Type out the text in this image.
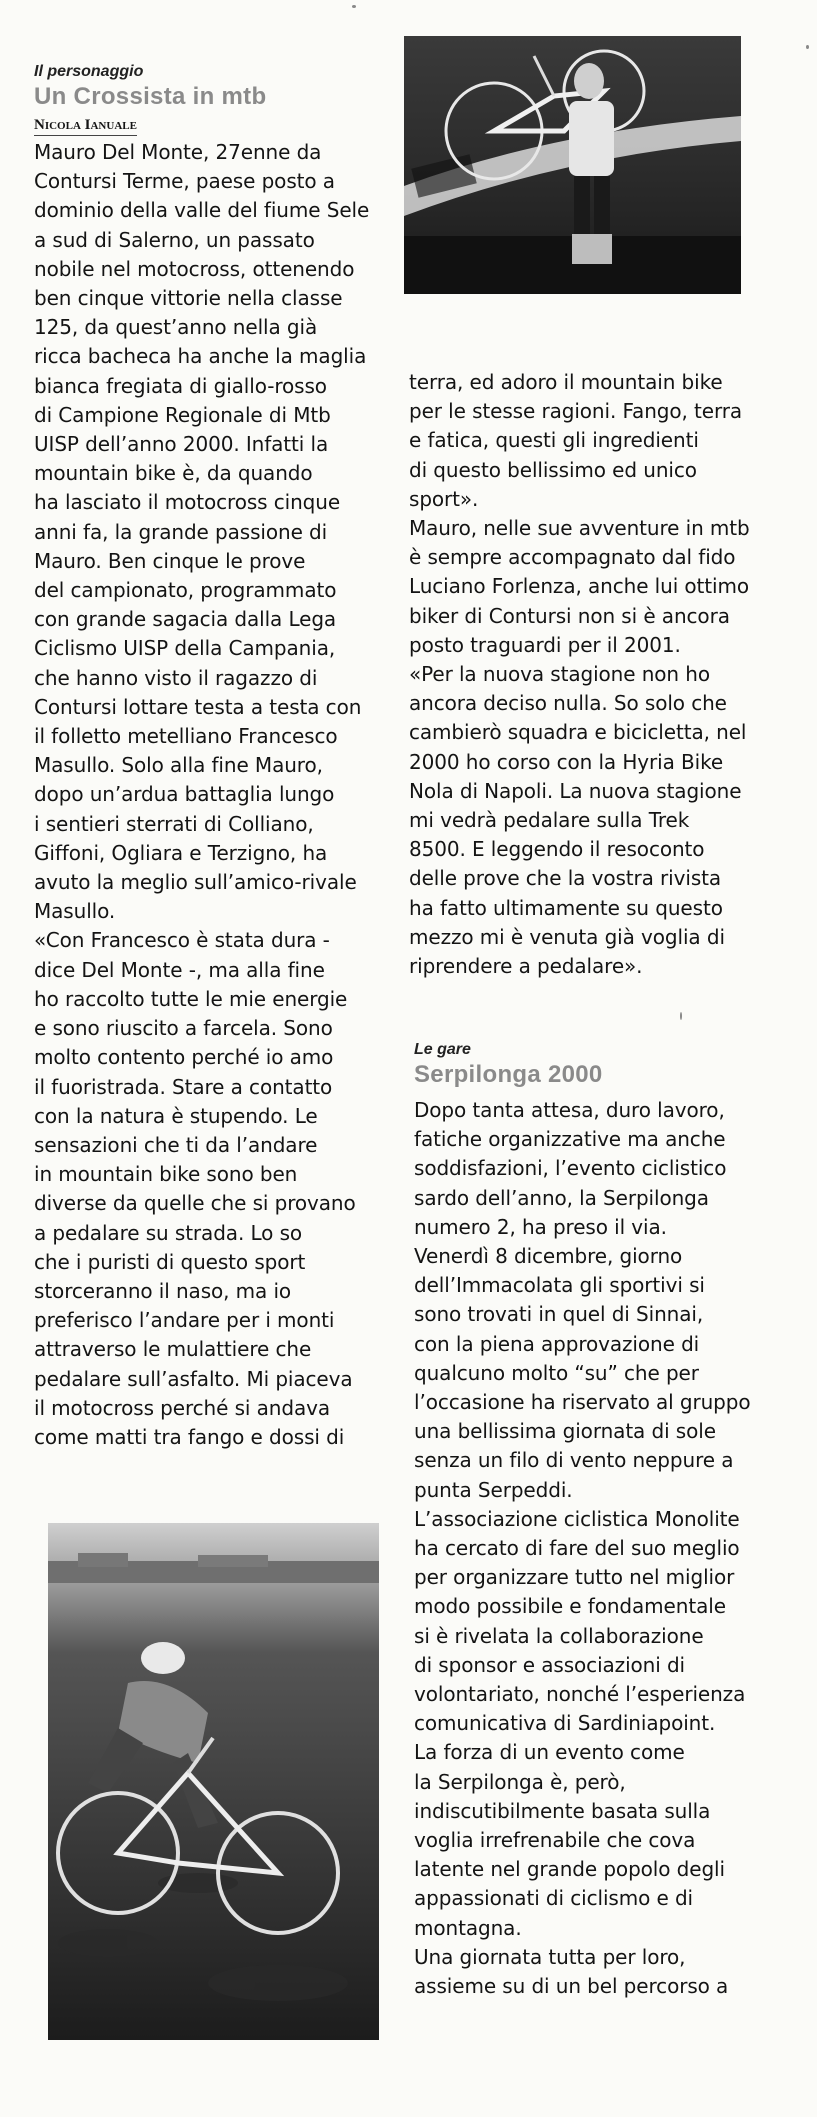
Il personaggio

Un Crossista in mtb
Nicola Ianuale
Mauro Del Monte, 27enne da
Contursi Terme, paese posto a
dominio della valle del fiume Sele
a sud di Salerno, un passato
nobile nel motocross, ottenendo
ben cinque vittorie nella classe
125, da quest’anno nella già
ricca bacheca ha anche la maglia
bianca fregiata di giallo-rosso
di Campione Regionale di Mtb
UISP dell’anno 2000. Infatti la
mountain bike è, da quando
ha lasciato il motocross cinque
anni fa, la grande passione di
Mauro. Ben cinque le prove
del campionato, programmato
con grande sagacia dalla Lega
Ciclismo UISP della Campania,
che hanno visto il ragazzo di
Contursi lottare testa a testa con
il folletto metelliano Francesco
Masullo. Solo alla fine Mauro,
dopo un’ardua battaglia lungo
i sentieri sterrati di Colliano,
Giffoni, Ogliara e Terzigno, ha
avuto la meglio sull’amico-rivale
Masullo.
«Con Francesco è stata dura -
dice Del Monte -, ma alla fine
ho raccolto tutte le mie energie
e sono riuscito a farcela. Sono
molto contento perché io amo
il fuoristrada. Stare a contatto
con la natura è stupendo. Le
sensazioni che ti da l’andare
in mountain bike sono ben
diverse da quelle che si provano
a pedalare su strada. Lo so
che i puristi di questo sport
storceranno il naso, ma io
preferisco l’andare per i monti
attraverso le mulattiere che
pedalare sull’asfalto. Mi piaceva
il motocross perché si andava
come matti tra fango e dossi di
terra, ed adoro il mountain bike
per le stesse ragioni. Fango, terra
e fatica, questi gli ingredienti
di questo bellissimo ed unico
sport».
Mauro, nelle sue avventure in mtb
è sempre accompagnato dal fido
Luciano Forlenza, anche lui ottimo
biker di Contursi non si è ancora
posto traguardi per il 2001.
«Per la nuova stagione non ho
ancora deciso nulla. So solo che
cambierò squadra e bicicletta, nel
2000 ho corso con la Hyria Bike
Nola di Napoli. La nuova stagione
mi vedrà pedalare sulla Trek
8500. E leggendo il resoconto
delle prove che la vostra rivista
ha fatto ultimamente su questo
mezzo mi è venuta già voglia di
riprendere a pedalare».

Le gare

Serpilonga 2000
Dopo tanta attesa, duro lavoro,
fatiche organizzative ma anche
soddisfazioni, l’evento ciclistico
sardo dell’anno, la Serpilonga
numero 2, ha preso il via.
Venerdì 8 dicembre, giorno
dell’Immacolata gli sportivi si
sono trovati in quel di Sinnai,
con la piena approvazione di
qualcuno molto “su” che per
l’occasione ha riservato al gruppo
una bellissima giornata di sole
senza un filo di vento neppure a
punta Serpeddi.
L’associazione ciclistica Monolite
ha cercato di fare del suo meglio
per organizzare tutto nel miglior
modo possibile e fondamentale
si è rivelata la collaborazione
di sponsor e associazioni di
volontariato, nonché l’esperienza
comunicativa di Sardiniapoint.
La forza di un evento come
la Serpilonga è, però,
indiscutibilmente basata sulla
voglia irrefrenabile che cova
latente nel grande popolo degli
appassionati di ciclismo e di
montagna.
Una giornata tutta per loro,
assieme su di un bel percorso a
